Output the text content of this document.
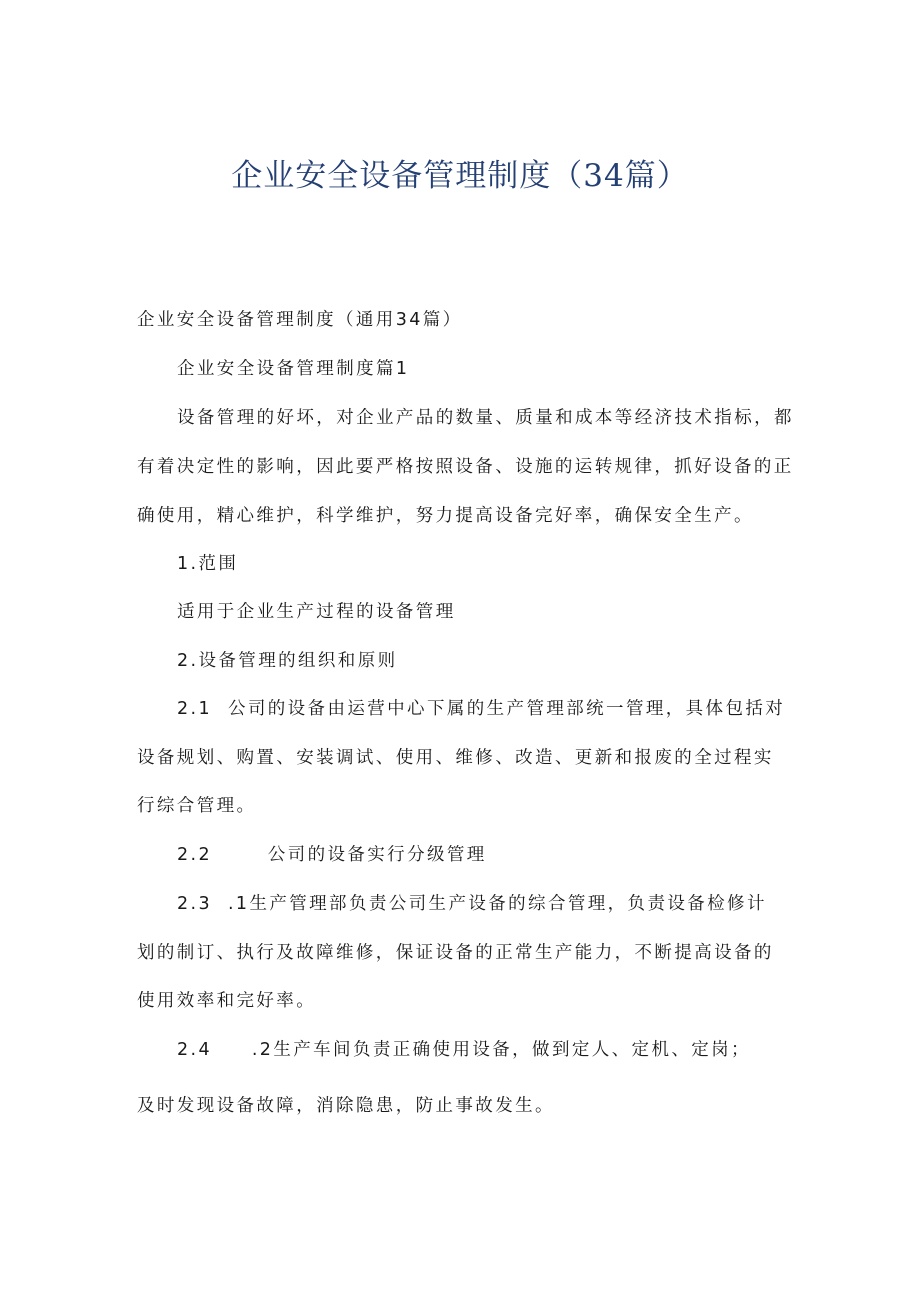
企业安全设备管理制度（34篇）
企业安全设备管理制度（通用34篇）
企业安全设备管理制度篇1
设备管理的好坏，对企业产品的数量、质量和成本等经济技术指标，都
有着决定性的影响，因此要严格按照设备、设施的运转规律，抓好设备的正
确使用，精心维护，科学维护，努力提高设备完好率，确保安全生产。
1.范围
适用于企业生产过程的设备管理
2.设备管理的组织和原则
2.1  公司的设备由运营中心下属的生产管理部统一管理，具体包括对
设备规划、购置、安装调试、使用、维修、改造、更新和报废的全过程实
行综合管理。
2.2       公司的设备实行分级管理
2.3  .1生产管理部负责公司生产设备的综合管理，负责设备检修计
划的制订、执行及故障维修，保证设备的正常生产能力，不断提高设备的
使用效率和完好率。
2.4     .2生产车间负责正确使用设备，做到定人、定机、定岗；
及时发现设备故障，消除隐患，防止事故发生。
